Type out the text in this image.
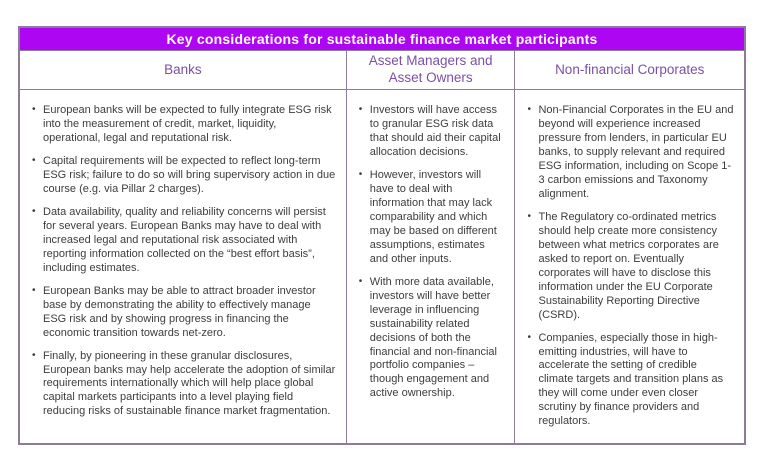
Key considerations for sustainable finance market participants
Banks
Asset Managers and Asset Owners
Non-financial Corporates
• European banks will be expected to fully integrate ESG risk into the measurement of credit, market, liquidity, operational, legal and reputational risk.
• Capital requirements will be expected to reflect long-term ESG risk; failure to do so will bring supervisory action in due course (e.g. via Pillar 2 charges).
• Data availability, quality and reliability concerns will persist for several years. European Banks may have to deal with increased legal and reputational risk associated with reporting information collected on the “best effort basis”, including estimates.
• European Banks may be able to attract broader investor base by demonstrating the ability to effectively manage ESG risk and by showing progress in financing the economic transition towards net-zero.
• Finally, by pioneering in these granular disclosures, European banks may help accelerate the adoption of similar requirements internationally which will help place global capital markets participants into a level playing field reducing risks of sustainable finance market fragmentation.
• Investors will have access to granular ESG risk data that should aid their capital allocation decisions.
• However, investors will have to deal with information that may lack comparability and which may be based on different assumptions, estimates and other inputs.
• With more data available, investors will have better leverage in influencing sustainability related decisions of both the financial and non-financial portfolio companies – though engagement and active ownership.
• Non-Financial Corporates in the EU and beyond will experience increased pressure from lenders, in particular EU banks, to supply relevant and required ESG information, including on Scope 1-3 carbon emissions and Taxonomy alignment.
• The Regulatory co-ordinated metrics should help create more consistency between what metrics corporates are asked to report on. Eventually corporates will have to disclose this information under the EU Corporate Sustainability Reporting Directive (CSRD).
• Companies, especially those in high-emitting industries, will have to accelerate the setting of credible climate targets and transition plans as they will come under even closer scrutiny by finance providers and regulators.
